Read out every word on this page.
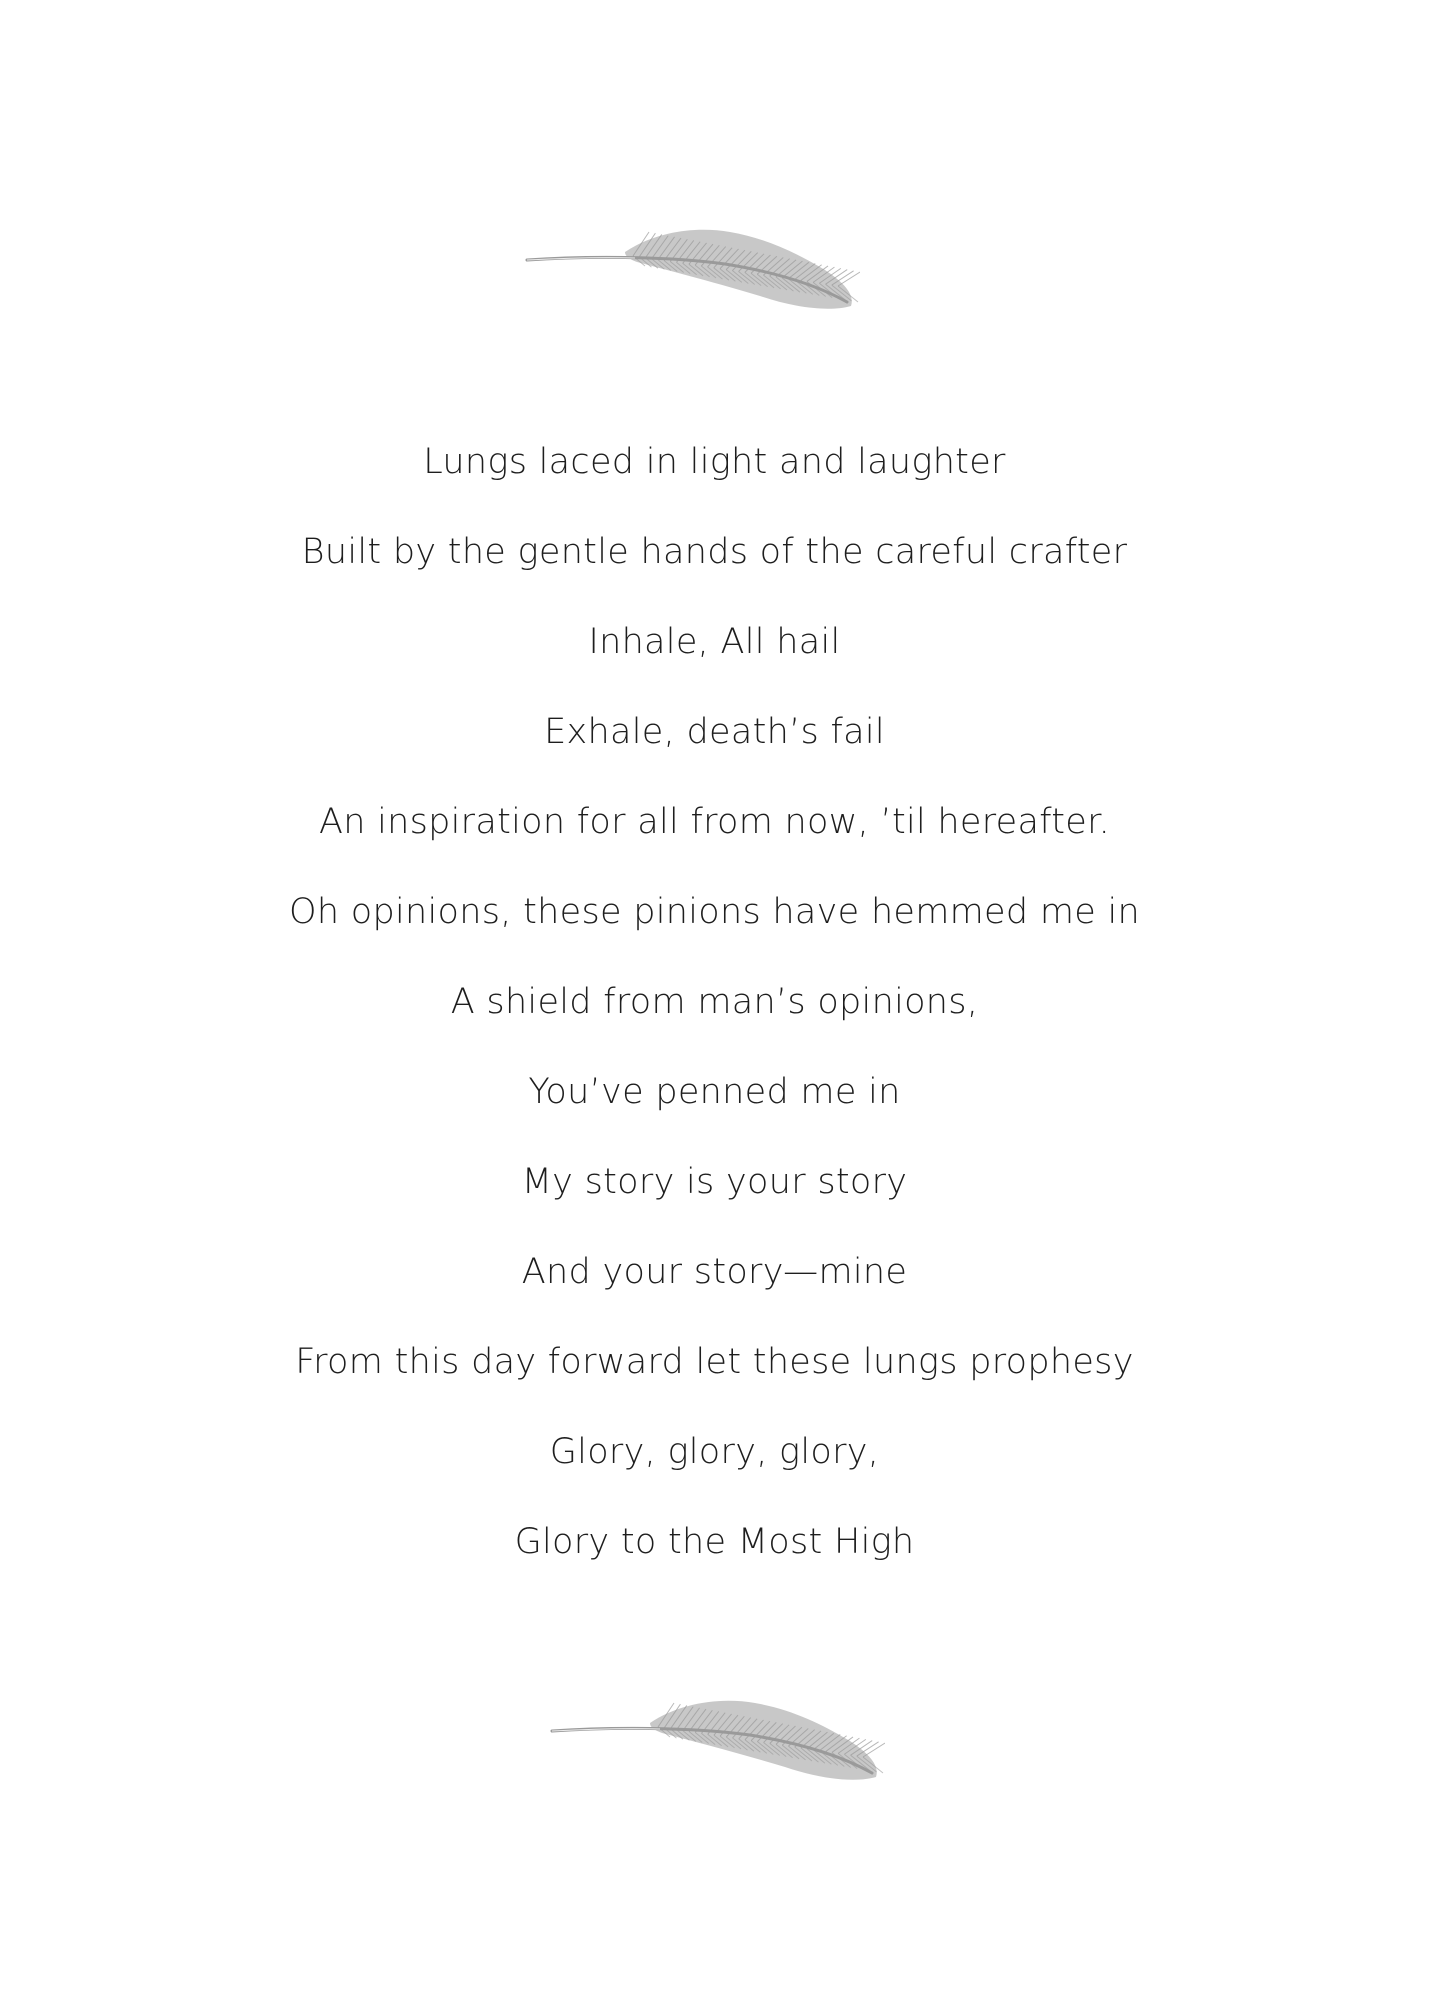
Lungs laced in light and laughter
Built by the gentle hands of the careful crafter
Inhale, All hail
Exhale, death’s fail
An inspiration for all from now, ’til hereafter.
Oh opinions, these pinions have hemmed me in
A shield from man’s opinions,
You’ve penned me in
My story is your story
And your story—mine
From this day forward let these lungs prophesy
Glory, glory, glory,
Glory to the Most High
